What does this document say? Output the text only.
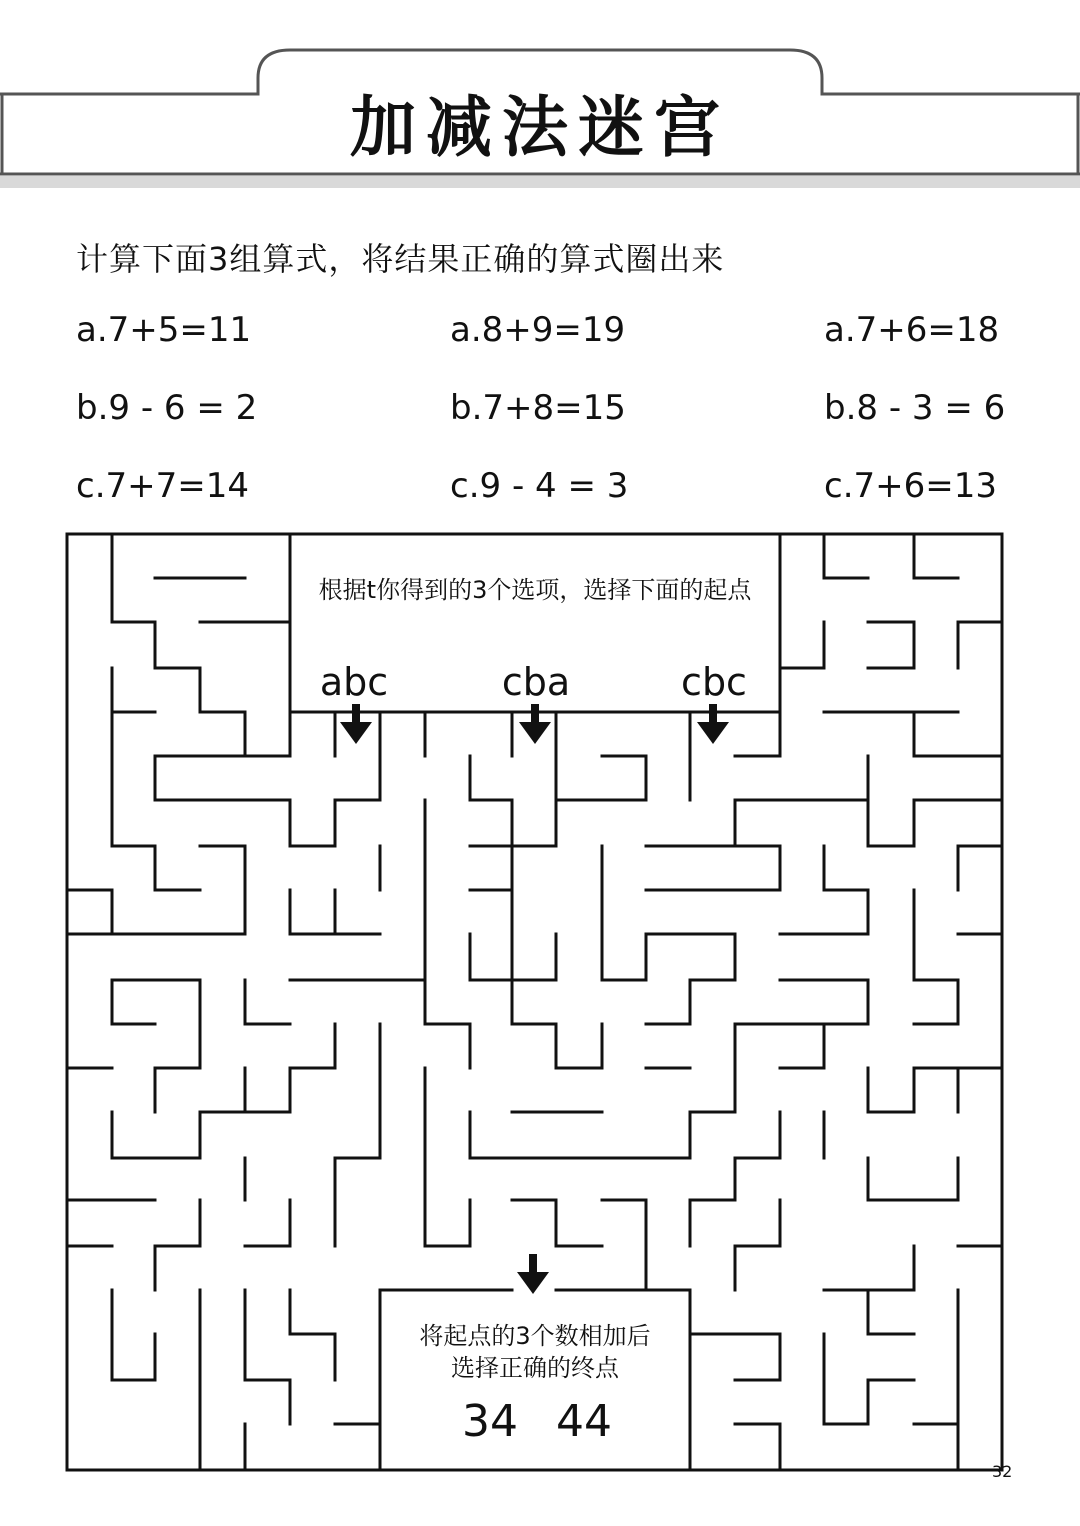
加减法迷宫
计算下面3组算式，将结果正确的算式圈出来
a.7+5=11
b.9 - 6 = 2
c.7+7=14
a.8+9=19
b.7+8=15
c.9 - 4 = 3
a.7+6=18
b.8 - 3 = 6
c.7+6=13
根据t你得到的3个选项，选择下面的起点
abc	cba	cbc
将起点的3个数相加后
选择正确的终点
34 44
32
